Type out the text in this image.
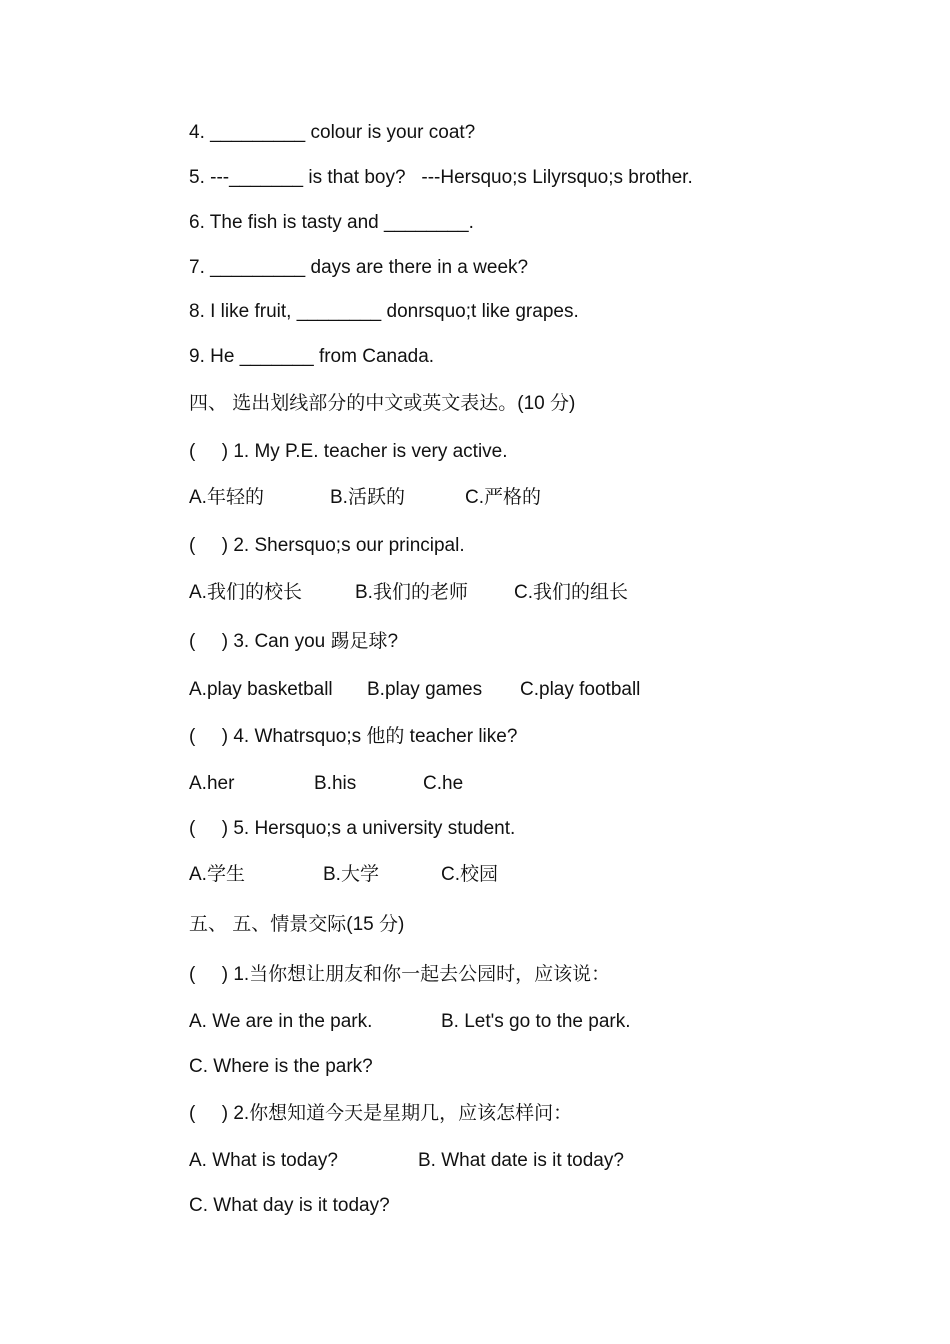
4. _________ colour is your coat?
5. ---_______ is that boy?   ---Hersquo;s Lilyrsquo;s brother.
6. The fish is tasty and ________.
7. _________ days are there in a week?
8. I like fruit, ________ donrsquo;t like grapes.
9. He _______ from Canada.
四、 选出划线部分的中文或英文表达。(10 分)
(     ) 1. My P.E. teacher is very active.
A.年轻的	B.活跃的	C.严格的
(     ) 2. Shersquo;s our principal.
A.我们的校长	B.我们的老师 C.我们的组长
(     ) 3. Can you 踢足球?
A.play basketball B.play games C.play football
(     ) 4. Whatrsquo;s 他的 teacher like?
A.her	B.his	C.he
(     ) 5. Hersquo;s a university student.
A.学生	B.大学	C.校园
五、 五、情景交际(15 分)
(     ) 1.当你想让朋友和你一起去公园时，应该说：
A. We are in the park.	B. Let's go to the park.
C. Where is the park?
(     ) 2.你想知道今天是星期几，应该怎样问：
A. What is today?	B. What date is it today?
C. What day is it today?
